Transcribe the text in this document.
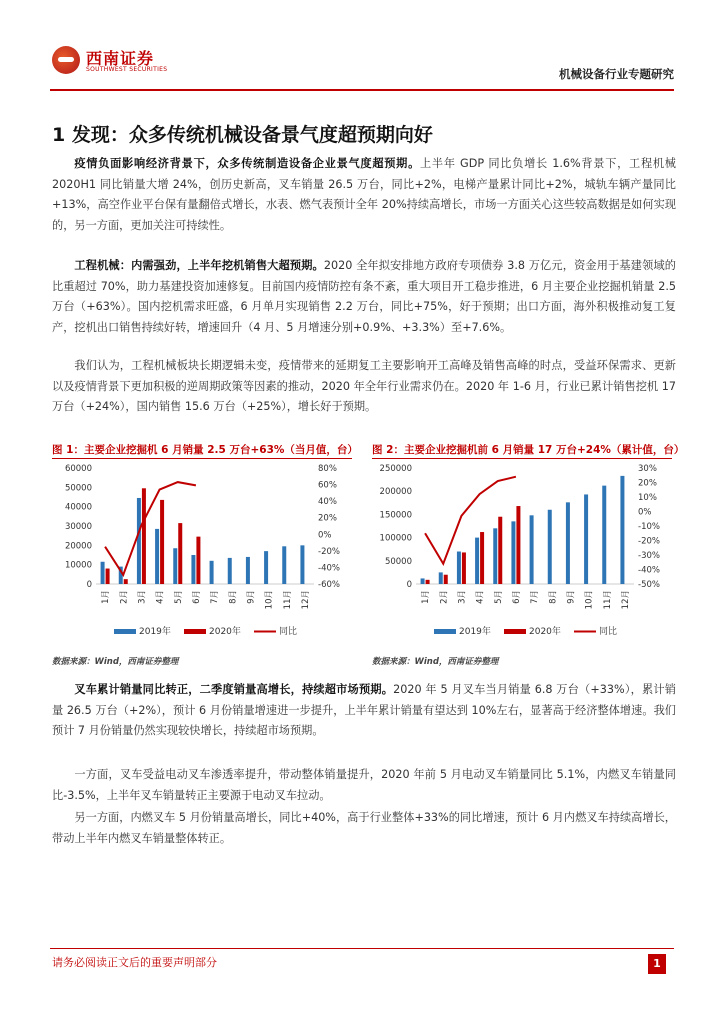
西南证券
SOUTHWEST SECURITIES	机械设备行业专题研究
1 发现：众多传统机械设备景气度超预期向好

疫情负面影响经济背景下，众多传统制造设备企业景气度超预期。上半年 GDP 同比负增长 1.6%背景下，工程机械 2020H1 同比销量大增 24%，创历史新高，叉车销量 26.5 万台，同比+2%，电梯产量累计同比+2%，城轨车辆产量同比+13%，高空作业平台保有量翻倍式增长，水表、燃气表预计全年 20%持续高增长，市场一方面关心这些较高数据是如何实现的，另一方面，更加关注可持续性。

工程机械：内需强劲，上半年挖机销售大超预期。2020 全年拟安排地方政府专项债券 3.8 万亿元，资金用于基建领域的比重超过 70%，助力基建投资加速修复。目前国内疫情防控有条不紊，重大项目开工稳步推进，6 月主要企业挖掘机销量 2.5 万台（+63%）。国内挖机需求旺盛，6 月单月实现销售 2.2 万台，同比+75%，好于预期；出口方面，海外积极推动复工复产，挖机出口销售持续好转，增速回升（4 月、5 月增速分别+0.9%、+3.3%）至+7.6%。

我们认为，工程机械板块长期逻辑未变，疫情带来的延期复工主要影响开工高峰及销售高峰的时点，受益环保需求、更新以及疫情背景下更加积极的逆周期政策等因素的推动，2020 年全年行业需求仍在。2020 年 1-6 月，行业已累计销售挖机 17 万台（+24%），国内销售 15.6 万台（+25%），增长好于预期。

图 1：主要企业挖掘机 6 月销量 2.5 万台+63%（当月值，台） 图 2：主要企业挖掘机前 6 月销量 17 万台+24%（累计值，台）
0
10000
20000
30000
40000
50000
60000
-60%
-40%
-20%
0%
20%
40%
60%
80%
1月 2月 3月 4月 5月 6月 7月 8月 9月 10月 11月 12月
2019年	2020年	同比
0
50000
100000
150000
200000
250000
-50%
-40%
-30%
-20%
-10%
0%
10%
20%
30%
1月 2月 3月 4月 5月 6月 7月 8月 9月 10月 11月 12月
2019年	2020年	同比
数据来源：Wind，西南证券整理	数据来源：Wind，西南证券整理

叉车累计销量同比转正，二季度销量高增长，持续超市场预期。2020 年 5 月叉车当月销量 6.8 万台（+33%），累计销量 26.5 万台（+2%），预计 6 月份销量增速进一步提升，上半年累计销量有望达到 10%左右，显著高于经济整体增速。我们预计 7 月份销量仍然实现较快增长，持续超市场预期。

一方面，叉车受益电动叉车渗透率提升，带动整体销量提升，2020 年前 5 月电动叉车销量同比 5.1%，内燃叉车销量同比-3.5%，上半年叉车销量转正主要源于电动叉车拉动。

另一方面，内燃叉车 5 月份销量高增长，同比+40%，高于行业整体+33%的同比增速，预计 6 月内燃叉车持续高增长，带动上半年内燃叉车销量整体转正。

请务必阅读正文后的重要声明部分	1
